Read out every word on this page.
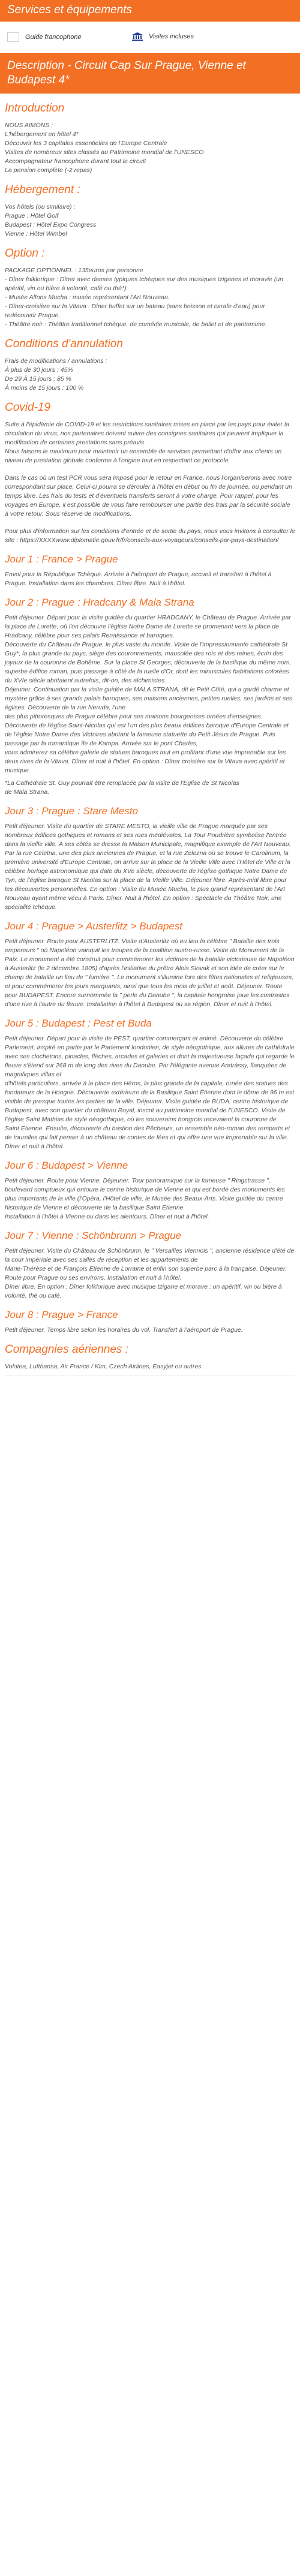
Services et équipements
Guide francophone	Visites incluses
Description - Circuit Cap Sur Prague, Vienne et Budapest 4*
Introduction

NOUS AIMONS :
L'hébergement en hôtel 4*
Découvrir les 3 capitales essentielles de l'Europe Centrale
Visites de nombreux sites classés au Patrimoine mondial de l'UNESCO
Accompagnateur francophone durant tout le circuit
La pension complète (-2 repas)

Hébergement :

Vos hôtels (ou similaire) :
Prague : Hôtel Golf
Budapest : Hôtel Expo Congress
Vienne : Hôtel Wimbel

Option :

PACKAGE OPTIONNEL : 135euros par personne
- Dîner folklorique : Dîner avec danses typiques tchèques sur des musiques tziganes et moravie (un apéritif, vin ou bière à volonté, café ou thé*).
- Musée Alfons Mucha : musée représentant l'Art Nouveau.
- Dîner-croisière sur la Vltava : Dîner buffet sur un bateau (sans boisson et carafe d'eau) pour redécouvrir Prague.
- Théâtre noir : Théâtre traditionnel tchèque, de comédie musicale, de ballet et de pantomime.

Conditions d'annulation

Frais de modifications / annulations :
À plus de 30 jours : 45%
De 29 À 15 jours : 85 %
À moins de 15 jours : 100 %

Covid-19

Suite à l'épidémie de COVID-19 et les restrictions sanitaires mises en place par les pays pour éviter la circulation du virus, nos partenaires doivent suivre des consignes sanitaires qui peuvent impliquer la modification de certaines prestations sans préavis.
Nous faisons le maximum pour maintenir un ensemble de services permettant d'offrir aux clients un niveau de prestation globale conforme à l'origine tout en respectant ce protocole.

Dans le cas où un test PCR vous sera imposé pour le retour en France, nous l'organiserons avec notre correspondant sur place. Celui-ci pourra se dérouler à l'hôtel en début ou fin de journée, ou pendant un temps libre. Les frais du tests et d'éventuels transferts seront à votre charge. Pour rappel, pour les voyages en Europe, il est possible de vous faire rembourser une partie des frais par la sécurité sociale à votre retour. Sous réserve de modifications.

Pour plus d'information sur les conditions d'entrée et de sortie du pays, nous vous invitons à consulter le site : https://XXXXwww.diplomatie.gouv.fr/fr/conseils-aux-voyageurs/conseils-par-pays-destination/

Jour 1 : France > Prague

Envol pour la République Tchèque. Arrivée à l'aéroport de Prague, accueil et transfert à l'hôtel à Prague. Installation dans les chambres. Dîner libre. Nuit à l'hôtel.

Jour 2 : Prague : Hradcany & Mala Strana

Petit déjeuner. Départ pour la visite guidée du quartier HRADCANY, le Château de Prague. Arrivée par la place de Lorette, où l'on découvre l'église Notre Dame de Lorette se promenant vers la place de Hradcany, célèbre pour ses palais Renaissance et baroques.
Découverte du Château de Prague, le plus vaste du monde. Visite de l'impressionnante cathédrale St Guy*, la plus grande du pays, siège des couronnements, mausolée des rois et des reines, écrin des joyaux de la couronne de Bohême. Sur la place St Georges, découverte de la basilique du même nom, superbe édifice roman, puis passage à côté de la ruelle d'Or, dont les minuscules habitations colorées du XVIe siècle abritaient autrefois, dit-on, des alchimistes.
Déjeuner. Continuation par la visite guidée de MALA STRANA, dit le Petit Côté, qui a gardé charme et mystère grâce à ses grands palais baroques, ses maisons anciennes, petites ruelles, ses jardins et ses églises. Découverte de la rue Neruda, l'une
des plus pittoresques de Prague célèbre pour ses maisons bourgeoises ornées d'enseignes. Découverte de l'église Saint-Nicolas qui est l'un des plus beaux édifices baroque d'Europe Centrale et de l'église Notre Dame des Victoires abritant la fameuse statuette du Petit Jésus de Prague. Puis passage par la romantique île de Kampa. Arrivée sur le pont Charles,
vous admirerez sa célèbre galerie de statues baroques tout en profitant d'une vue imprenable sur les deux rives de la Vltava. Dîner et nuit à l'hôtel. En option : Dîner croisière sur la Vltava avec apéritif et musique.

*La Cathédrale St. Guy pourrait être remplacée par la visite de l'Eglise de St Nicolas
de Mala Strana.

Jour 3 : Prague : Stare Mesto

Petit déjeuner. Visite du quartier de STARE MESTO, la vieille ville de Prague marquée par ses nombreux édifices gothiques et romans et ses rues médiévales. La Tour Poudrière symbolise l'entrée dans la vieille ville. À ses côtés se dresse la Maison Municipale, magnifique exemple de l'Art Nouveau. Par la rue Celetna, une des plus anciennes de Prague, et la rue Zelezna où se trouve le Carolinum, la première université d'Europe Centrale, on arrive sur la place de la Vieille Ville avec l'Hôtel de Ville et la célèbre horloge astronomique qui date du XVe siècle, découverte de l'église gothique Notre Dame de Tyn, de l'église baroque St Nicolas sur la place de la Vieille Ville. Déjeuner libre. Après-midi libre pour les découvertes personnelles. En option : Visite du Musée Mucha, le plus grand représentant de l'Art Nouveau ayant même vécu à Paris. Dîner. Nuit à l'hôtel. En option : Spectacle du Théâtre Noir, une spécialité tchèque.

Jour 4 : Prague > Austerlitz > Budapest

Petit déjeuner. Route pour AUSTERLITZ. Visite d'Austerlitz où eu lieu la célèbre " Bataille des trois empereurs " où Napoléon vainquit les troupes de la coalition austro-russe. Visite du Monument de la Paix. Le monument a été construit pour commémorer les victimes de la bataille victorieuse de Napoléon à Austerlitz (le 2 décembre 1805) d'après l'initiative du prêtre Alois Slovak et son idée de créer sur le champ de bataille un lieu de " lumière ". Le monument s'illumine lors des fêtes nationales et religieuses, et pour commémorer les jours marquants, ainsi que tous les mois de juillet et août. Déjeuner. Route pour BUDAPEST. Encore surnommée la " perle du Danube ", la capitale hongroise joue les contrastes d'une rive à l'autre du fleuve. Installation à l'hôtel à Budapest ou sa région. Dîner et nuit à l'hôtel.

Jour 5 : Budapest : Pest et Buda

Petit déjeuner. Départ pour la visite de PEST, quartier commerçant et animé. Découverte du célèbre Parlement, inspiré en partie par le Parlement londonien, de style néogothique, aux allures de cathédrale avec ses clochetons, pinacles, flèches, arcades et galeries et dont la majestueuse façade qui regarde le fleuve s'étend sur 268 m de long des rives du Danube. Par l'élégante avenue Andrássy, flanquées de magnifiques villas et
d'hôtels particuliers, arrivée à la place des Héros, la plus grande de la capitale, ornée des statues des fondateurs de la Hongrie. Découverte extérieure de la Basilique Saint Étienne dont le dôme de 96 m est visible de presque toutes les parties de la ville. Déjeuner. Visite guidée de BUDA, centre historique de Budapest, avec son quartier du château Royal, inscrit au patrimoine mondial de l'UNESCO. Visite de l'église Saint Mathias de style néogothique, où les souverains hongrois recevaient la couronne de
Saint Etienne. Ensuite, découverte du bastion des Pêcheurs, un ensemble néo-roman des remparts et de tourelles qui fait penser à un château de contes de fées et qui offre une vue imprenable sur la ville. Dîner et nuit à l'hôtel.

Jour 6 : Budapest > Vienne

Petit déjeuner. Route pour Vienne. Déjeuner. Tour panoramique sur la fameuse " Ringstrasse ", boulevard somptueux qui entoure le centre historique de Vienne et qui est bordé des monuments les plus importants de la ville (l'Opéra, l'Hôtel de ville, le Musée des Beaux-Arts. Visite guidée du centre historique de Vienne et découverte de la basilique Saint Etienne.
Installation à l'hôtel à Vienne ou dans les alentours. Dîner et nuit à l'hôtel.

Jour 7 : Vienne : Schönbrunn > Prague

Petit déjeuner. Visite du Château de Schönbrunn, le " Versailles Viennois ", ancienne résidence d'été de la cour impériale avec ses salles de réception et les appartements de
Marie-Thérèse et de François Etienne de Lorraine et enfin son superbe parc à la française. Déjeuner. Route pour Prague ou ses environs. Installation et nuit à l'hôtel.
Dîner libre. En option : Dîner folklorique avec musique tzigane et morave : un apéritif, vin ou bière à volonté, thé ou café.

Jour 8 : Prague > France

Petit déjeuner. Temps libre selon les horaires du vol. Transfert à l'aéroport de Prague.

Compagnies aériennes :

Volotea, Lufthansa, Air France / Klm, Czech Airlines, Easyjet ou autres
